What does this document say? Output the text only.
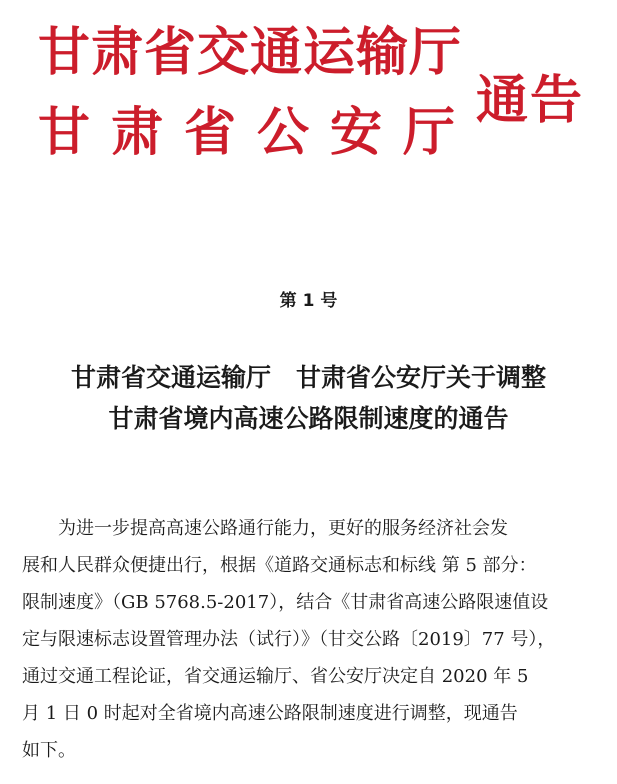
甘肃省交通运输厅
甘肃省公安厅
通告
第 1 号
甘肃省交通运输厅　甘肃省公安厅关于调整
甘肃省境内高速公路限制速度的通告
为进一步提高高速公路通行能力，更好的服务经济社会发
展和人民群众便捷出行，根据《道路交通标志和标线 第 5 部分：
限制速度》（GB 5768.5-2017），结合《甘肃省高速公路限速值设
定与限速标志设置管理办法（试行）》（甘交公路〔2019〕77 号），
通过交通工程论证，省交通运输厅、省公安厅决定自 2020 年 5
月 1 日 0 时起对全省境内高速公路限制速度进行调整，现通告
如下。
